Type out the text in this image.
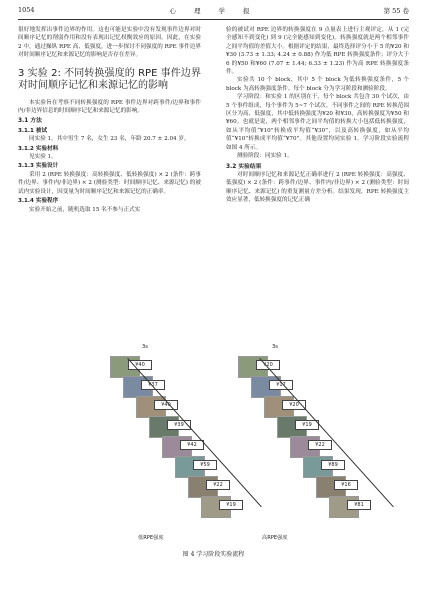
1054	心 理 学 报	第 55 卷

很好地发挥出事件边界的作用。这也可能是实验中没有发现事件边界对时间顺序记忆的削弱作用和没有表现出记忆权衡效应的原因。因此，在实验 2 中，通过操纵 RPE 高、低强度，进一步探讨不同强度的 RPE 事件边界对时间顺序记忆和来源记忆的影响是否存在差异。

3 实验 2: 不同转换强度的 RPE 事件边界对时间顺序记忆和来源记忆的影响

本实验旨在考察不同转换强度的 RPE 事件边界对跨事件/边界和事件内/非边界信息的时间顺序记忆和来源记忆的影响。

3.1 方法
3.1.1 被试

同实验 1，其中男生 7 名，女生 23 名，年龄 20.7 ± 2.04 岁。

3.1.2 实验材料

见实验 1。

3.1.3 实验设计

采用 2 (RPE 转换强度：高转换强度、低转换强度) × 2 (条件：跨事件/边界、事件内/非边界) × 2 (测验类型：时间顺序记忆、来源记忆) 的被试内实验设计，因变量为时间顺序记忆和来源记忆的正确率。

3.1.4 实验程序

实验开始之前，随机选取 15 名不参与正式实

验的被试对 RPE 边界的转换强度在 9 点量表上进行主观评定，从 1 (完全感知不到变化) 到 9 (完全能感知到变化)。转换强度就是两个相邻事件之间平均值的差值大小。根据评定的结果，最终选择评分小于 5 的¥20 和¥30 (3.73 ± 1.33; 4.24 ± 0.88) 作为低 RPE 转换强度条件；评分大于 6 的¥50 和¥60 (7.07 ± 1.44; 6.33 ± 1.23) 作为高 RPE 转换强度条件。

实验共 10 个 block，其中 5 个 block 为低转换强度条件，5 个 block 为高转换强度条件。每个 block 分为学习阶段和测验阶段。

学习阶段：和实验 1 的区别在于，每个 block 共包含 30 个试次，由 5 个事件组成，每个事件为 5~7 个试次。不同事件之间的 RPE 转换范围区分为高、低强度，其中低转换强度为¥20 和¥30，高转换强度为¥50 和¥60。也就是说，两个相邻事件之间平均值的转换大小包括低转换强度，如从平均值“¥10”转换成平均值“¥30”，以及高转换强度，如从平均值“¥10”转换成平均值“¥70”。其他设置均同实验 1。学习阶段实验流程如图 4 所示。

测验阶段：同实验 1。

3.2 实验结果

对时间顺序记忆和来源记忆正确率进行 2 (RPE 转换强度：高强度、低强度) × 2 (条件：跨事件/边界、事件内/非边界) × 2 (测验类型：时间顺序记忆、来源记忆) 的重复测量方差分析。结果发现，RPE 转换强度主效应显著，低转换强度的记忆正确

¥40
¥37
¥40
¥39
¥42
¥59
¥22
¥19
¥20
¥17
¥20
¥19
¥22
¥89
¥16
¥81
3s	3s
低RPE强度	高RPE强度
图 4 学习阶段实验流程
